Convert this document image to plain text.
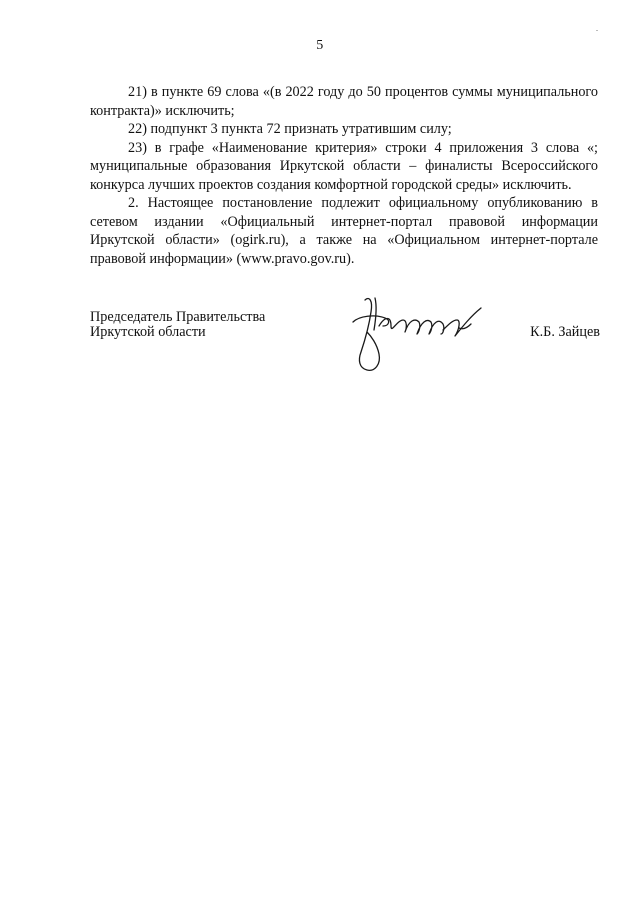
5

21) в пункте 69 слова «(в 2022 году до 50 процентов суммы муниципального контракта)» исключить;

22) подпункт 3 пункта 72 признать утратившим силу;

23) в графе «Наименование критерия» строки 4 приложения 3 слова «; муниципальные образования Иркутской области – финалисты Всероссийского конкурса лучших проектов создания комфортной городской среды» исключить.

2. Настоящее постановление подлежит официальному опубликованию в сетевом издании «Официальный интернет-портал правовой информации Иркутской области» (ogirk.ru), а также на «Официальном интернет-портале правовой информации» (www.pravo.gov.ru).

Председатель Правительства
Иркутской области	К.Б. Зайцев
